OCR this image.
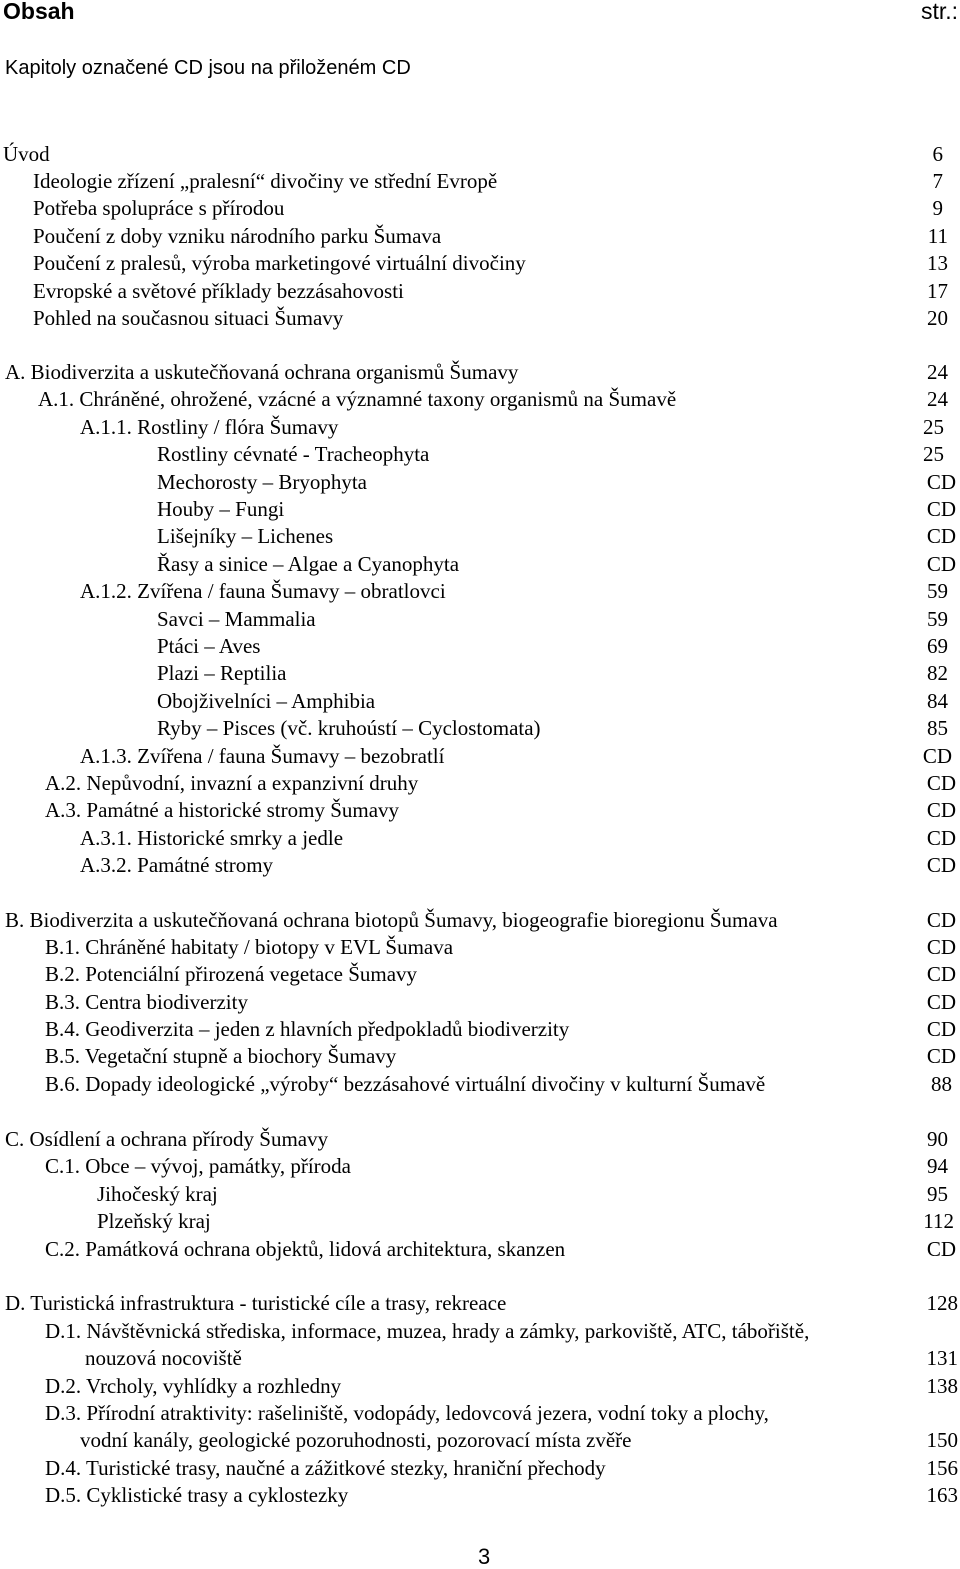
Obsah	str.:
Kapitoly označené CD jsou na přiloženém CD
Úvod	6
Ideologie zřízení „pralesní“ divočiny ve střední Evropě	7
Potřeba spolupráce s přírodou	9
Poučení z doby vzniku národního parku Šumava	11
Poučení z pralesů, výroba marketingové virtuální divočiny	13
Evropské a světové příklady bezzásahovosti	17
Pohled na současnou situaci Šumavy	20
A. Biodiverzita a uskutečňovaná ochrana organismů Šumavy	24
A.1. Chráněné, ohrožené, vzácné a významné taxony organismů na Šumavě	24
A.1.1. Rostliny / flóra Šumavy	25
Rostliny cévnaté - Tracheophyta	25
Mechorosty – Bryophyta	CD
Houby – Fungi	CD
Lišejníky – Lichenes	CD
Řasy a sinice – Algae a Cyanophyta	CD
A.1.2. Zvířena / fauna Šumavy – obratlovci	59
Savci – Mammalia	59
Ptáci – Aves	69
Plazi – Reptilia	82
Obojživelníci – Amphibia	84
Ryby – Pisces (vč. kruhoústí – Cyclostomata)	85
A.1.3. Zvířena / fauna Šumavy – bezobratlí	CD
A.2. Nepůvodní, invazní a expanzivní druhy	CD
A.3. Památné a historické stromy Šumavy	CD
A.3.1. Historické smrky a jedle	CD
A.3.2. Památné stromy	CD
B. Biodiverzita a uskutečňovaná ochrana biotopů Šumavy, biogeografie bioregionu Šumava	CD
B.1. Chráněné habitaty / biotopy v EVL Šumava	CD
B.2. Potenciální přirozená vegetace Šumavy	CD
B.3. Centra biodiverzity	CD
B.4. Geodiverzita – jeden z hlavních předpokladů biodiverzity	CD
B.5. Vegetační stupně a biochory Šumavy	CD
B.6. Dopady ideologické „výroby“ bezzásahové virtuální divočiny v kulturní Šumavě	88
C. Osídlení a ochrana přírody Šumavy	90
C.1. Obce – vývoj, památky, příroda	94
Jihočeský kraj	95
Plzeňský kraj	112
C.2. Památková ochrana objektů, lidová architektura, skanzen	CD
D. Turistická infrastruktura - turistické cíle a trasy, rekreace	128
D.1. Návštěvnická střediska, informace, muzea, hrady a zámky, parkoviště, ATC, tábořiště,
nouzová nocoviště	131
D.2. Vrcholy, vyhlídky a rozhledny	138
D.3. Přírodní atraktivity: rašeliniště, vodopády, ledovcová jezera, vodní toky a plochy,
vodní kanály, geologické pozoruhodnosti, pozorovací místa zvěře	150
D.4. Turistické trasy, naučné a zážitkové stezky, hraniční přechody	156
D.5. Cyklistické trasy a cyklostezky	163
3
